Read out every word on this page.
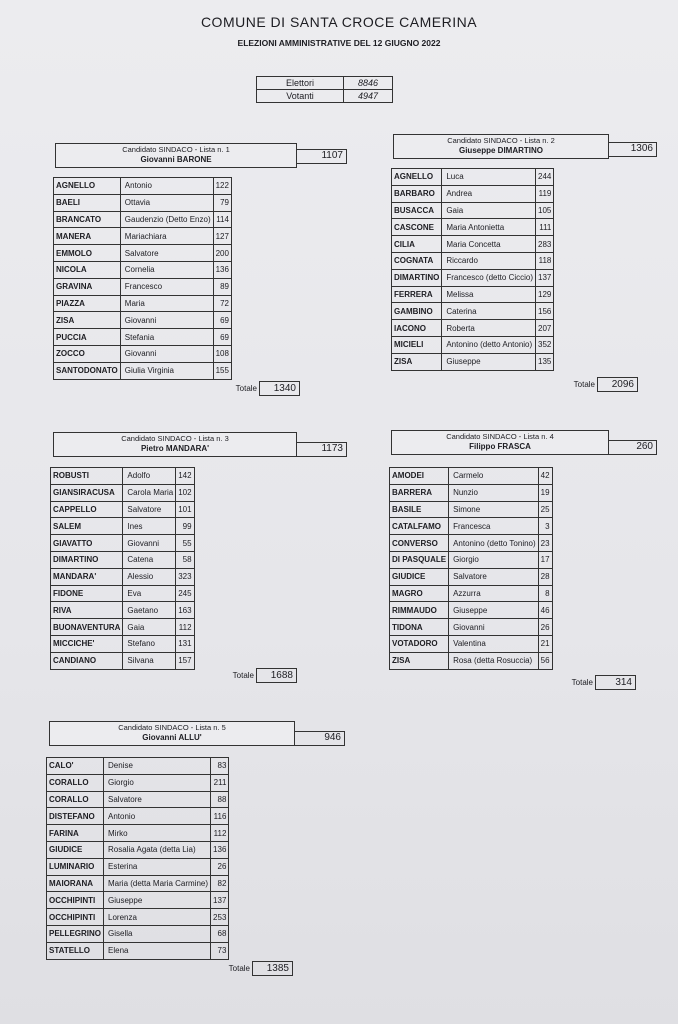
COMUNE DI SANTA CROCE CAMERINA
ELEZIONI AMMINISTRATIVE DEL 12 GIUGNO 2022
Elettori	8846
Votanti	4947
Candidato SINDACO - Lista n. 1
Giovanni BARONE	1107
AGNELLO	Antonio	122
BAELI	Ottavia	79
BRANCATO	Gaudenzio (Detto Enzo)	114
MANERA	Mariachiara	127
EMMOLO	Salvatore	200
NICOLA	Cornelia	136
GRAVINA	Francesco	89
PIAZZA	Maria	72
ZISA	Giovanni	69
PUCCIA	Stefania	69
ZOCCO	Giovanni	108
SANTODONATO	Giulia Virginia	155
Totale	1340
Candidato SINDACO - Lista n. 2
Giuseppe DIMARTINO	1306
AGNELLO	Luca	244
BARBARO	Andrea	119
BUSACCA	Gaia	105
CASCONE	Maria Antonietta	111
CILIA	Maria Concetta	283
COGNATA	Riccardo	118
DIMARTINO	Francesco (detto Ciccio)	137
FERRERA	Melissa	129
GAMBINO	Caterina	156
IACONO	Roberta	207
MICIELI	Antonino (detto Antonio)	352
ZISA	Giuseppe	135
Totale	2096
Candidato SINDACO - Lista n. 3
Pietro MANDARA'	1173
ROBUSTI	Adolfo	142
GIANSIRACUSA	Carola Maria	102
CAPPELLO	Salvatore	101
SALEM	Ines	99
GIAVATTO	Giovanni	55
DIMARTINO	Catena	58
MANDARA'	Alessio	323
FIDONE	Eva	245
RIVA	Gaetano	163
BUONAVENTURA	Gaia	112
MICCICHE'	Stefano	131
CANDIANO	Silvana	157
Totale	1688
Candidato SINDACO - Lista n. 4
Filippo FRASCA	260
AMODEI	Carmelo	42
BARRERA	Nunzio	19
BASILE	Simone	25
CATALFAMO	Francesca	3
CONVERSO	Antonino (detto Tonino)	23
DI PASQUALE	Giorgio	17
GIUDICE	Salvatore	28
MAGRO	Azzurra	8
RIMMAUDO	Giuseppe	46
TIDONA	Giovanni	26
VOTADORO	Valentina	21
ZISA	Rosa (detta Rosuccia)	56
Totale	314
Candidato SINDACO - Lista n. 5
Giovanni ALLU'	946
CALO'	Denise	83
CORALLO	Giorgio	211
CORALLO	Salvatore	88
DISTEFANO	Antonio	116
FARINA	Mirko	112
GIUDICE	Rosalia Agata (detta Lia)	136
LUMINARIO	Esterina	26
MAIORANA	Maria (detta Maria Carmine)	82
OCCHIPINTI	Giuseppe	137
OCCHIPINTI	Lorenza	253
PELLEGRINO	Gisella	68
STATELLO	Elena	73
Totale	1385
